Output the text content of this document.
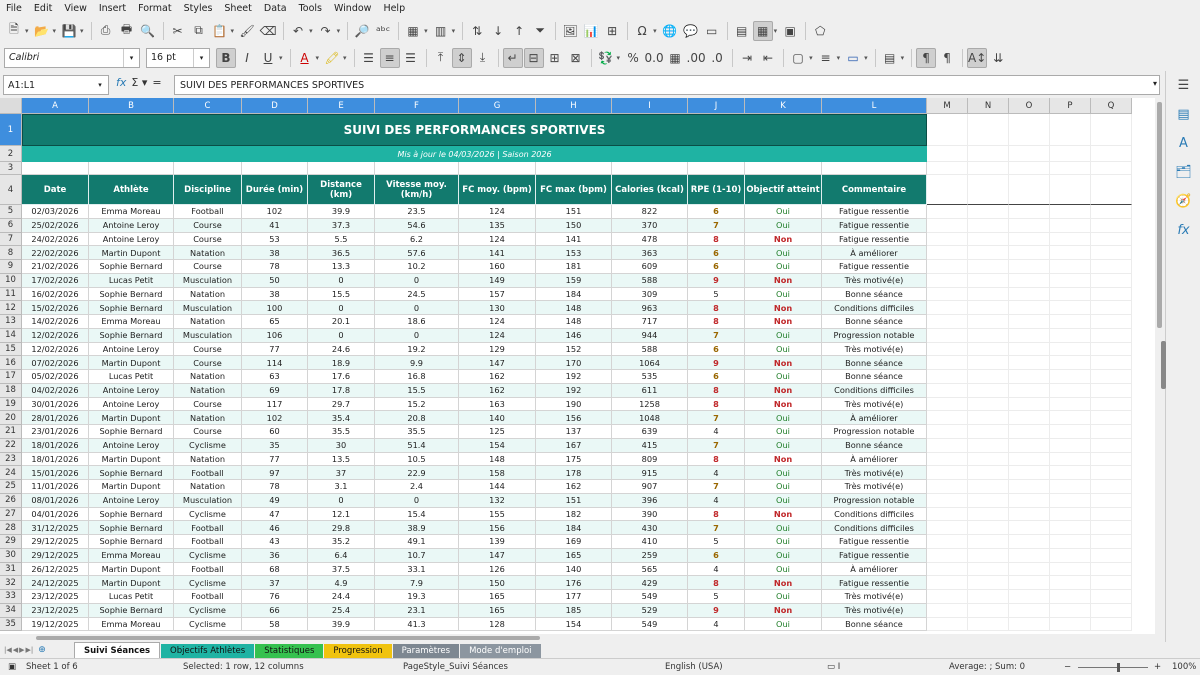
File	Edit	View	Insert	Format	Styles	Sheet	Data	Tools	Window	Help
🗎 ▾ 📂 ▾ 💾 ▾	⎙ 🖶 🔍	✂ ⧉ 📋 ▾ 🖌 ⌫	↶ ▾ ↷ ▾ 🔎 ᵃᵇᶜ	▦ ▾ ▥ ▾	⇅ ↓ ↑ ⏷	🖼 📊 ⊞	Ω ▾ 🌐 💬 ▭	▤ ▦ ▾ ▣	⬠
Calibri	▾	16 pt	▾	B I U ▾ A ▾ 🖍 ▾	☰ ≡ ☰	⤒	⇕	⤓	↵ ⊟ ⊞ ⊠	💱 ▾ % 0.0 ▦ .00 .0	⇥ ⇤	▢ ▾ ≡ ▾ ▭ ▾	▤ ▾	¶	¶	A↕ ⇊
A1:L1	▾	fx Σ ▾ =	SUIVI DES PERFORMANCES SPORTIVES	▾
A	B	C	D	E	F	G	H	I	J	K	L	M	N	O	P	Q
1
2
3
4
5
6
7
8
9
10
11
12
13
14
15
16
17
18
19
20
21
22
23
24
25
26
27
28
29
30
31
32
33
34
35
Date	Athlète	Discipline	Durée (min)	Distance (km)
Vitesse moy. (km/h)	FC moy. (bpm) FC max (bpm) Calories (kcal) RPE (1-10) Objectif atteint	Commentaire
02/03/2026	Emma Moreau	Football	102	39.9	23.5	124	151	822	6	Oui	Fatigue ressentie
25/02/2026	Antoine Leroy	Course	41	37.3	54.6	135	150	370	7	Oui	Fatigue ressentie
24/02/2026	Antoine Leroy	Course	53	5.5	6.2	124	141	478	8	Non	Fatigue ressentie
22/02/2026	Martin Dupont	Natation	38	36.5	57.6	141	153	363	6	Oui	À améliorer
21/02/2026	Sophie Bernard	Course	78	13.3	10.2	160	181	609	6	Oui	Fatigue ressentie
17/02/2026	Lucas Petit	Musculation	50	0	0	149	159	588	9	Non	Très motivé(e)
16/02/2026	Sophie Bernard	Natation	38	15.5	24.5	157	184	309	5	Oui	Bonne séance
15/02/2026	Sophie Bernard	Musculation	100	0	0	130	148	963	8	Non	Conditions difficiles
14/02/2026	Emma Moreau	Natation	65	20.1	18.6	124	148	717	8	Non	Bonne séance
12/02/2026	Sophie Bernard	Musculation	106	0	0	124	146	944	7	Oui	Progression notable
12/02/2026	Antoine Leroy	Course	77	24.6	19.2	129	152	588	6	Oui	Très motivé(e)
07/02/2026	Martin Dupont	Course	114	18.9	9.9	147	170	1064	9	Non	Bonne séance
05/02/2026	Lucas Petit	Natation	63	17.6	16.8	162	192	535	6	Oui	Bonne séance
04/02/2026	Antoine Leroy	Natation	69	17.8	15.5	162	192	611	8	Non	Conditions difficiles
30/01/2026	Antoine Leroy	Course	117	29.7	15.2	163	190	1258	8	Non	Très motivé(e)
28/01/2026	Martin Dupont	Natation	102	35.4	20.8	140	156	1048	7	Oui	À améliorer
23/01/2026	Sophie Bernard	Course	60	35.5	35.5	125	137	639	4	Oui	Progression notable
18/01/2026	Antoine Leroy	Cyclisme	35	30	51.4	154	167	415	7	Oui	Bonne séance
18/01/2026	Martin Dupont	Natation	77	13.5	10.5	148	175	809	8	Non	À améliorer
15/01/2026	Sophie Bernard	Football	97	37	22.9	158	178	915	4	Oui	Très motivé(e)
11/01/2026	Martin Dupont	Natation	78	3.1	2.4	144	162	907	7	Oui	Très motivé(e)
08/01/2026	Antoine Leroy	Musculation	49	0	0	132	151	396	4	Oui	Progression notable
04/01/2026	Sophie Bernard	Cyclisme	47	12.1	15.4	155	182	390	8	Non	Conditions difficiles
31/12/2025	Sophie Bernard	Football	46	29.8	38.9	156	184	430	7	Oui	Conditions difficiles
29/12/2025	Sophie Bernard	Football	43	35.2	49.1	139	169	410	5	Oui	Fatigue ressentie
29/12/2025	Emma Moreau	Cyclisme	36	6.4	10.7	147	165	259	6	Oui	Fatigue ressentie
26/12/2025	Martin Dupont	Football	68	37.5	33.1	126	140	565	4	Oui	À améliorer
24/12/2025	Martin Dupont	Cyclisme	37	4.9	7.9	150	176	429	8	Non	Fatigue ressentie
23/12/2025	Lucas Petit	Football	76	24.4	19.3	165	177	549	5	Oui	Très motivé(e)
23/12/2025	Sophie Bernard	Cyclisme	66	25.4	23.1	165	185	529	9	Non	Très motivé(e)
19/12/2025	Emma Moreau	Cyclisme	58	39.9	41.3	128	154	549	4	Oui	Bonne séance
SUIVI DES PERFORMANCES SPORTIVES
Mis à jour le 04/03/2026 | Saison 2026
☰
▤
A
🗂
🧭
fx
|◀ ◀ ▶ ▶| ⊕	Suivi Séances	Objectifs Athlètes	Statistiques	Progression	Paramètres	Mode d'emploi
▣ Sheet 1 of 6	Selected: 1 row, 12 columns	PageStyle_Suivi Séances	English (USA)	▭ I	Average: ; Sum: 0	−	+ 100%
